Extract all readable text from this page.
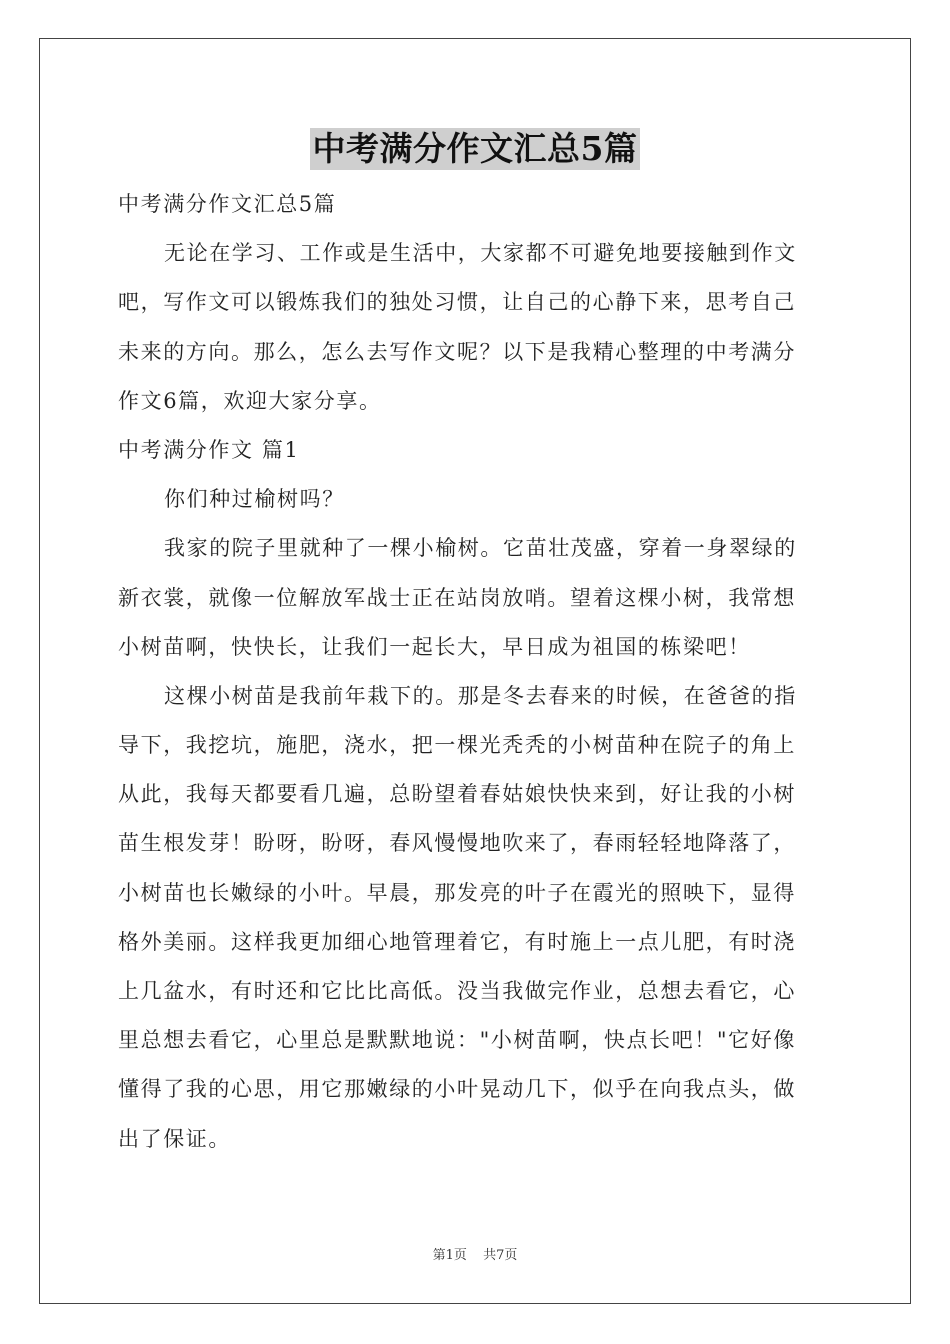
中考满分作文汇总5篇

中考满分作文汇总5篇

无论在学习、工作或是生活中，大家都不可避免地要接触到作文

吧，写作文可以锻炼我们的独处习惯，让自己的心静下来，思考自己

未来的方向。那么，怎么去写作文呢？以下是我精心整理的中考满分

作文6篇，欢迎大家分享。

中考满分作文 篇1

你们种过榆树吗？

我家的院子里就种了一棵小榆树。它苗壮茂盛，穿着一身翠绿的

新衣裳，就像一位解放军战士正在站岗放哨。望着这棵小树，我常想

小树苗啊，快快长，让我们一起长大，早日成为祖国的栋梁吧！

这棵小树苗是我前年栽下的。那是冬去春来的时候，在爸爸的指

导下，我挖坑，施肥，浇水，把一棵光秃秃的小树苗种在院子的角上

从此，我每天都要看几遍，总盼望着春姑娘快快来到，好让我的小树

苗生根发芽！盼呀，盼呀，春风慢慢地吹来了，春雨轻轻地降落了，

小树苗也长嫩绿的小叶。早晨，那发亮的叶子在霞光的照映下，显得

格外美丽。这样我更加细心地管理着它，有时施上一点儿肥，有时浇

上几盆水，有时还和它比比高低。没当我做完作业，总想去看它，心

里总想去看它，心里总是默默地说："小树苗啊，快点长吧！"它好像

懂得了我的心思，用它那嫩绿的小叶晃动几下，似乎在向我点头，做

出了保证。

第1页 共7页
